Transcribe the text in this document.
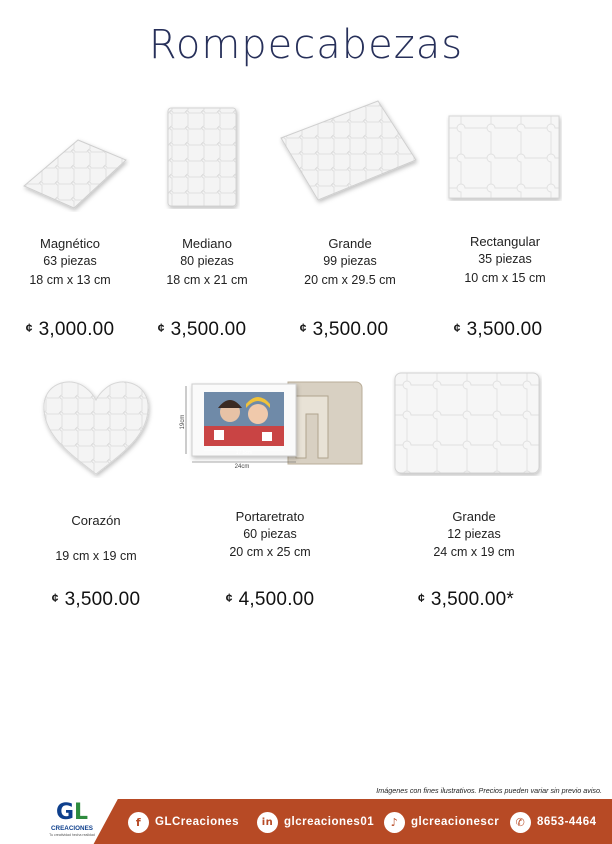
Rompecabezas
Magnético
63 piezas
18 cm x 13 cm
¢ 3,000.00
Mediano
80 piezas
18 cm x 21 cm
¢ 3,500.00
Grande
99 piezas
20 cm x 29.5 cm
¢ 3,500.00
Rectangular
35 piezas
10 cm x 15 cm
¢ 3,500.00
Corazón
19 cm x 19 cm
¢ 3,500.00
19cm
24cm
17.5cm
Portaretrato
60 piezas
20 cm x 25 cm
¢ 4,500.00
Grande
12 piezas
24 cm x 19 cm
¢ 3,500.00*
Imágenes con fines ilustrativos. Precios pueden variar sin previo aviso.
GL
CREACIONES
Tu creatividad hecha realidad
f	GLCreaciones	in glcreaciones01	♪	glcreacionescr	✆	8653-4464
